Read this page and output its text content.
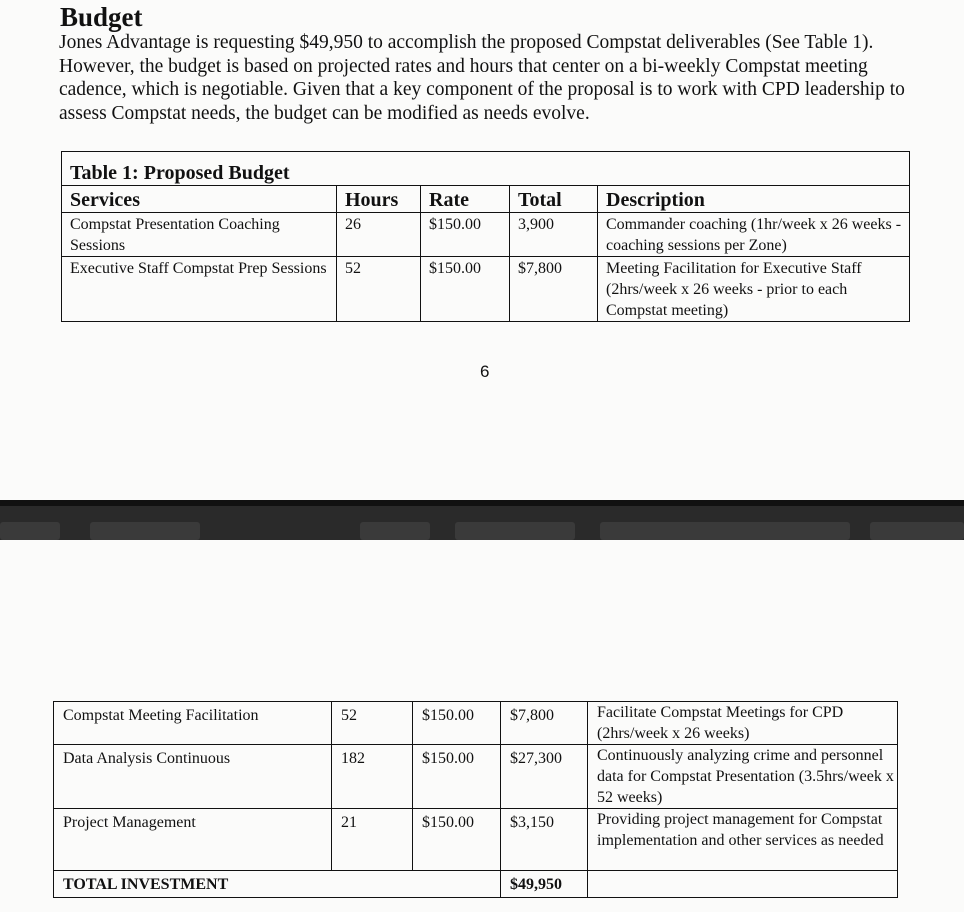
Budget

Jones Advantage is requesting $49,950 to accomplish the proposed Compstat deliverables (See Table 1). However, the budget is based on projected rates and hours that center on a bi-weekly Compstat meeting cadence, which is negotiable. Given that a key component of the proposal is to work with CPD leadership to assess Compstat needs, the budget can be modified as needs evolve.

Table 1: Proposed Budget				
Services	Hours	Rate	Total	Description
Compstat Presentation Coaching Sessions	26	$150.00	3,900	Commander coaching (1hr/week x 26 weeks - coaching sessions per Zone)
Executive Staff Compstat Prep Sessions	52	$150.00	$7,800	Meeting Facilitation for Executive Staff (2hrs/week x 26 weeks - prior to each Compstat meeting)
6
Compstat Meeting Facilitation	52	$150.00	$7,800	Facilitate Compstat Meetings for CPD (2hrs/week x 26 weeks)
Data Analysis Continuous	182	$150.00	$27,300	Continuously analyzing crime and personnel data for Compstat Presentation (3.5hrs/week x 52 weeks)
Project Management	21	$150.00	$3,150	Providing project management for Compstat implementation and other services as needed
TOTAL INVESTMENT			$49,950	
